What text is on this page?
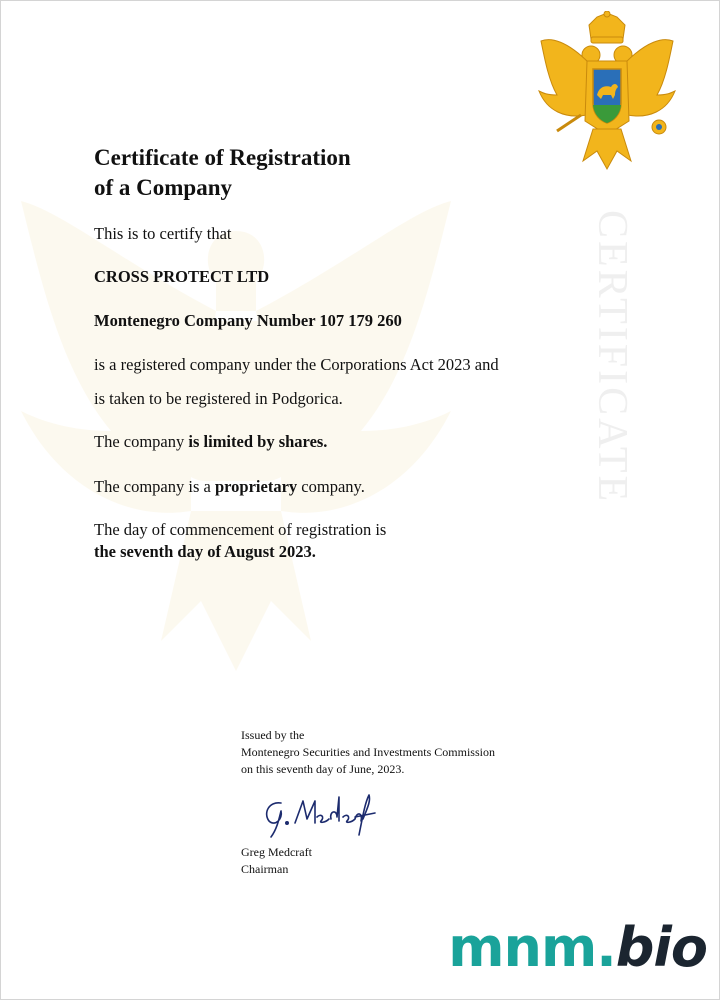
CERTIFICATE
Certificate of Registration
of a Company

This is to certify that

CROSS PROTECT LTD

Montenegro Company Number 107 179 260

is a registered company under the Corporations Act 2023 and

is taken to be registered in Podgorica.

The company is limited by shares.

The company is a proprietary company.

The day of commencement of registration is

the seventh day of August 2023.

Issued by the

Montenegro Securities and Investments Commission

on this seventh day of June, 2023.

Greg Medcraft

Chairman

mnm.bio
